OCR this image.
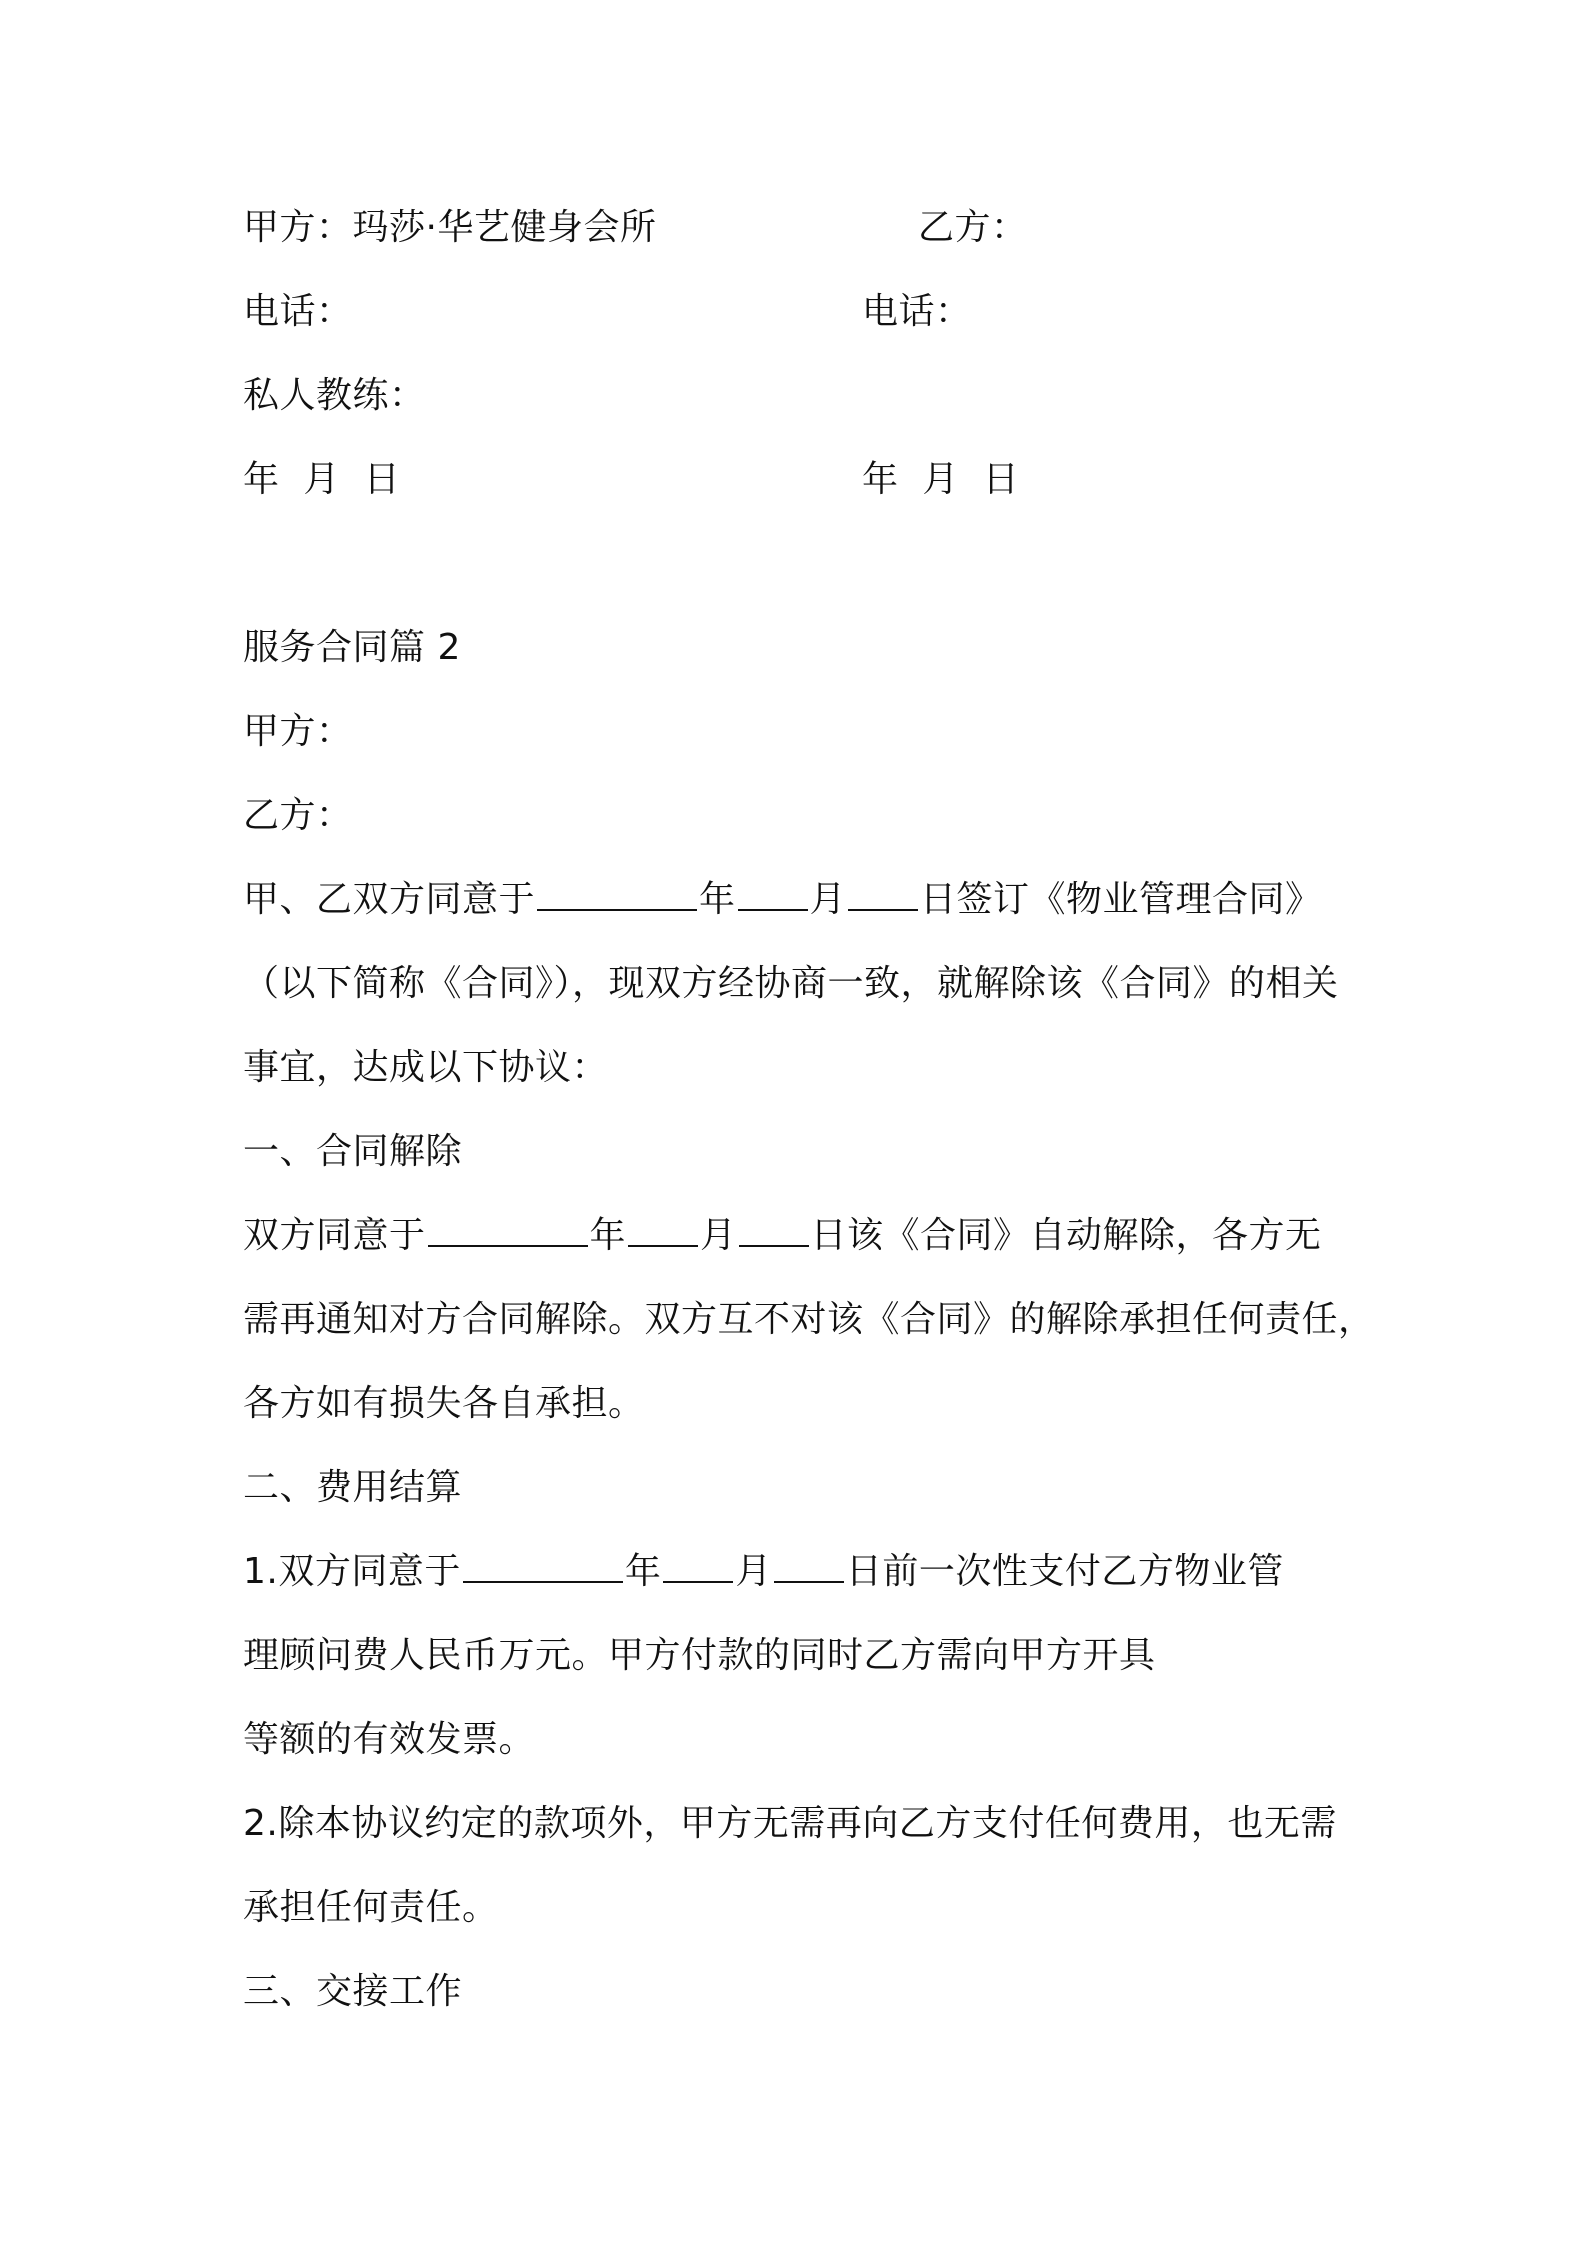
甲方：玛莎·华艺健身会所	乙方：
电话：	电话：
私人教练：
年  月  日	年  月  日
服务合同篇 2
甲方：
乙方：
甲、乙双方同意于	年 月 日签订《物业管理合同》
（以下简称《合同》），现双方经协商一致，就解除该《合同》的相关
事宜，达成以下协议：
一、合同解除
双方同意于	年 月 日该《合同》自动解除，各方无
需再通知对方合同解除。双方互不对该《合同》的解除承担任何责任，
各方如有损失各自承担。
二、费用结算
1.双方同意于	年 月 日前一次性支付乙方物业管
理顾问费人民币万元。甲方付款的同时乙方需向甲方开具
等额的有效发票。
2.除本协议约定的款项外，甲方无需再向乙方支付任何费用，也无需
承担任何责任。
三、交接工作
